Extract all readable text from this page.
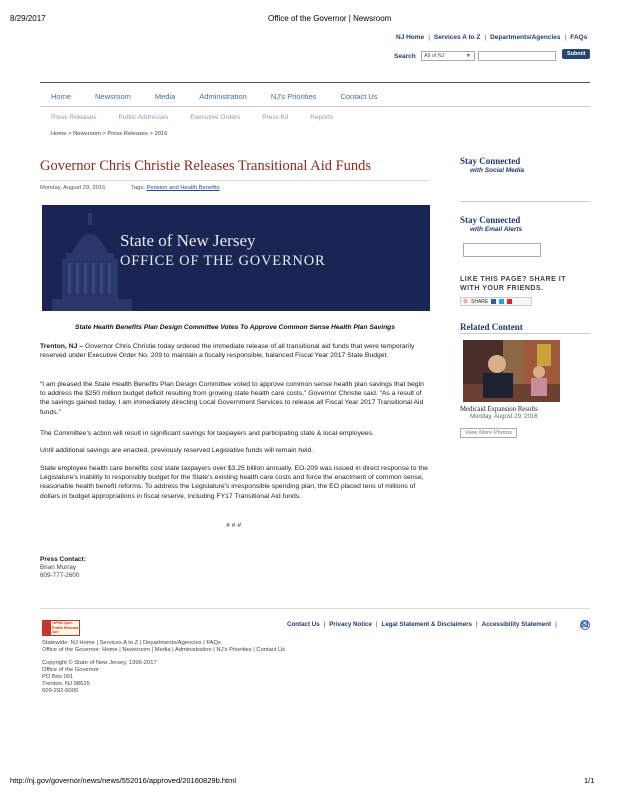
8/29/2017	Office of the Governor | Newsroom
NJ Home | Services A to Z | Departments/Agencies | FAQs
Search	All of NJ	▼	Submit
Home	Newsroom	Media	Administration	NJ's Priorities	Contact Us
Press Releases	Public Addresses	Executive Orders	Press Kit	Reports
Home > Newsroom > Press Releases > 2016
Governor Chris Christie Releases Transitional Aid Funds
Monday, August 29, 2016	Tags: Pension and Health Benefits
State of New Jersey
OFFICE OF THE GOVERNOR
State Health Benefits Plan Design Committee Votes To Approve Common Sense Health Plan Savings
Trenton, NJ – Governor Chris Christie today ordered the immediate release of all transitional aid funds that were temporarily reserved under Executive Order No. 209 to maintain a fiscally responsible, balanced Fiscal Year 2017 State Budget.
“I am pleased the State Health Benefits Plan Design Committee voted to approve common sense health plan savings that begin to address the $250 million budget deficit resulting from growing state health care costs,” Governor Christie said. “As a result of the savings gained today, I am immediately directing Local Government Services to release all Fiscal Year 2017 Transitional Aid funds.”
The Committee’s action will result in significant savings for taxpayers and participating state & local employees.
Until additional savings are enacted, previously reserved Legislative funds will remain held.
State employee health care benefits cost state taxpayers over $3.25 billion annually. EO-209 was issued in direct response to the Legislature’s inability to responsibly budget for the State’s existing health care costs and force the enactment of common sense, reasonable health benefit reforms. To address the Legislature’s irresponsible spending plan, the EO placed tens of millions of dollars in budget appropriations in fiscal reserve, including FY17 Transitional Aid funds.
# # #
Press Contact:
Brian Murray
609-777-2600
Stay Connected
with Social Media
Stay Connected
with Email Alerts
LIKE THIS PAGE? SHARE IT
WITH YOUR FRIENDS.
⊕ SHARE
Related Content
Medicaid Expansion Results
Monday, August 29, 2016
View More Photos
OPRA Open
Public Records Act
Contact Us | Privacy Notice | Legal Statement & Disclaimers | Accessibility Statement |	♿
Statewide: NJ Home | Services A to Z | Departments/Agencies | FAQs
Office of the Governor: Home | Newsroom | Media | Administration | NJ's Priorities | Contact Us
Copyright © State of New Jersey, 1996-2017
Office of the Governor
PO Box 001
Trenton, NJ 08625
609-292-6000
http://nj.gov/governor/news/news/552016/approved/20160829b.html	1/1
